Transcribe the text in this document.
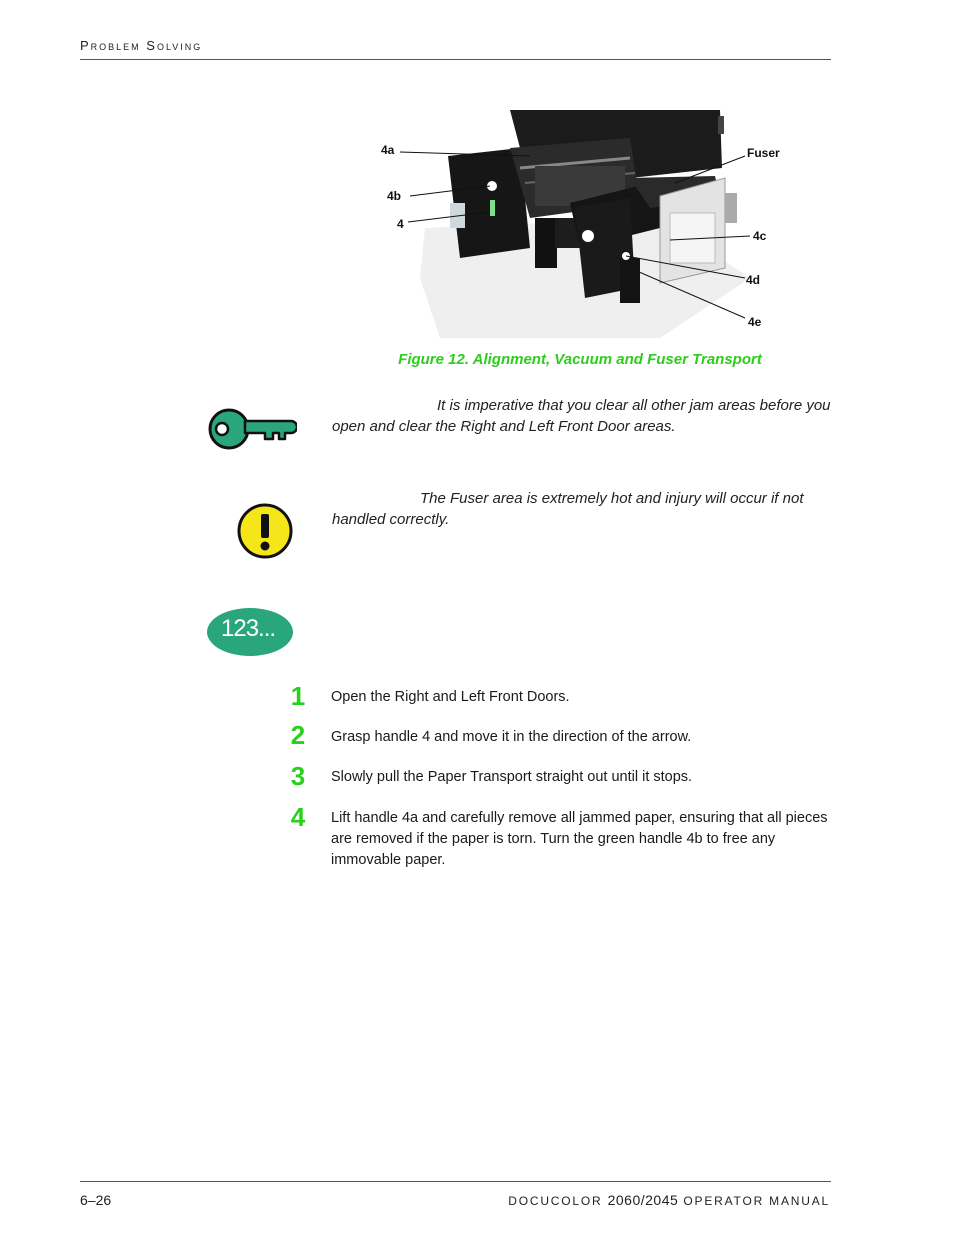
Problem Solving
4a
4b
4
Fuser
4c
4d
4e
Figure 12. Alignment, Vacuum and Fuser Transport
It is imperative that you clear all other jam areas before you open and clear the Right and Left Front Door areas.
The Fuser area is extremely hot and injury will occur if not handled correctly.
123...
1	Open the Right and Left Front Doors.
2	Grasp handle 4 and move it in the direction of the arrow.
3	Slowly pull the Paper Transport straight out until it stops.
4	Lift handle 4a and carefully remove all jammed paper, ensuring that all pieces are removed if the paper is torn. Turn the green handle 4b to free any immovable paper.
6–26	DOCUCOLOR 2060/2045 OPERATOR MANUAL
